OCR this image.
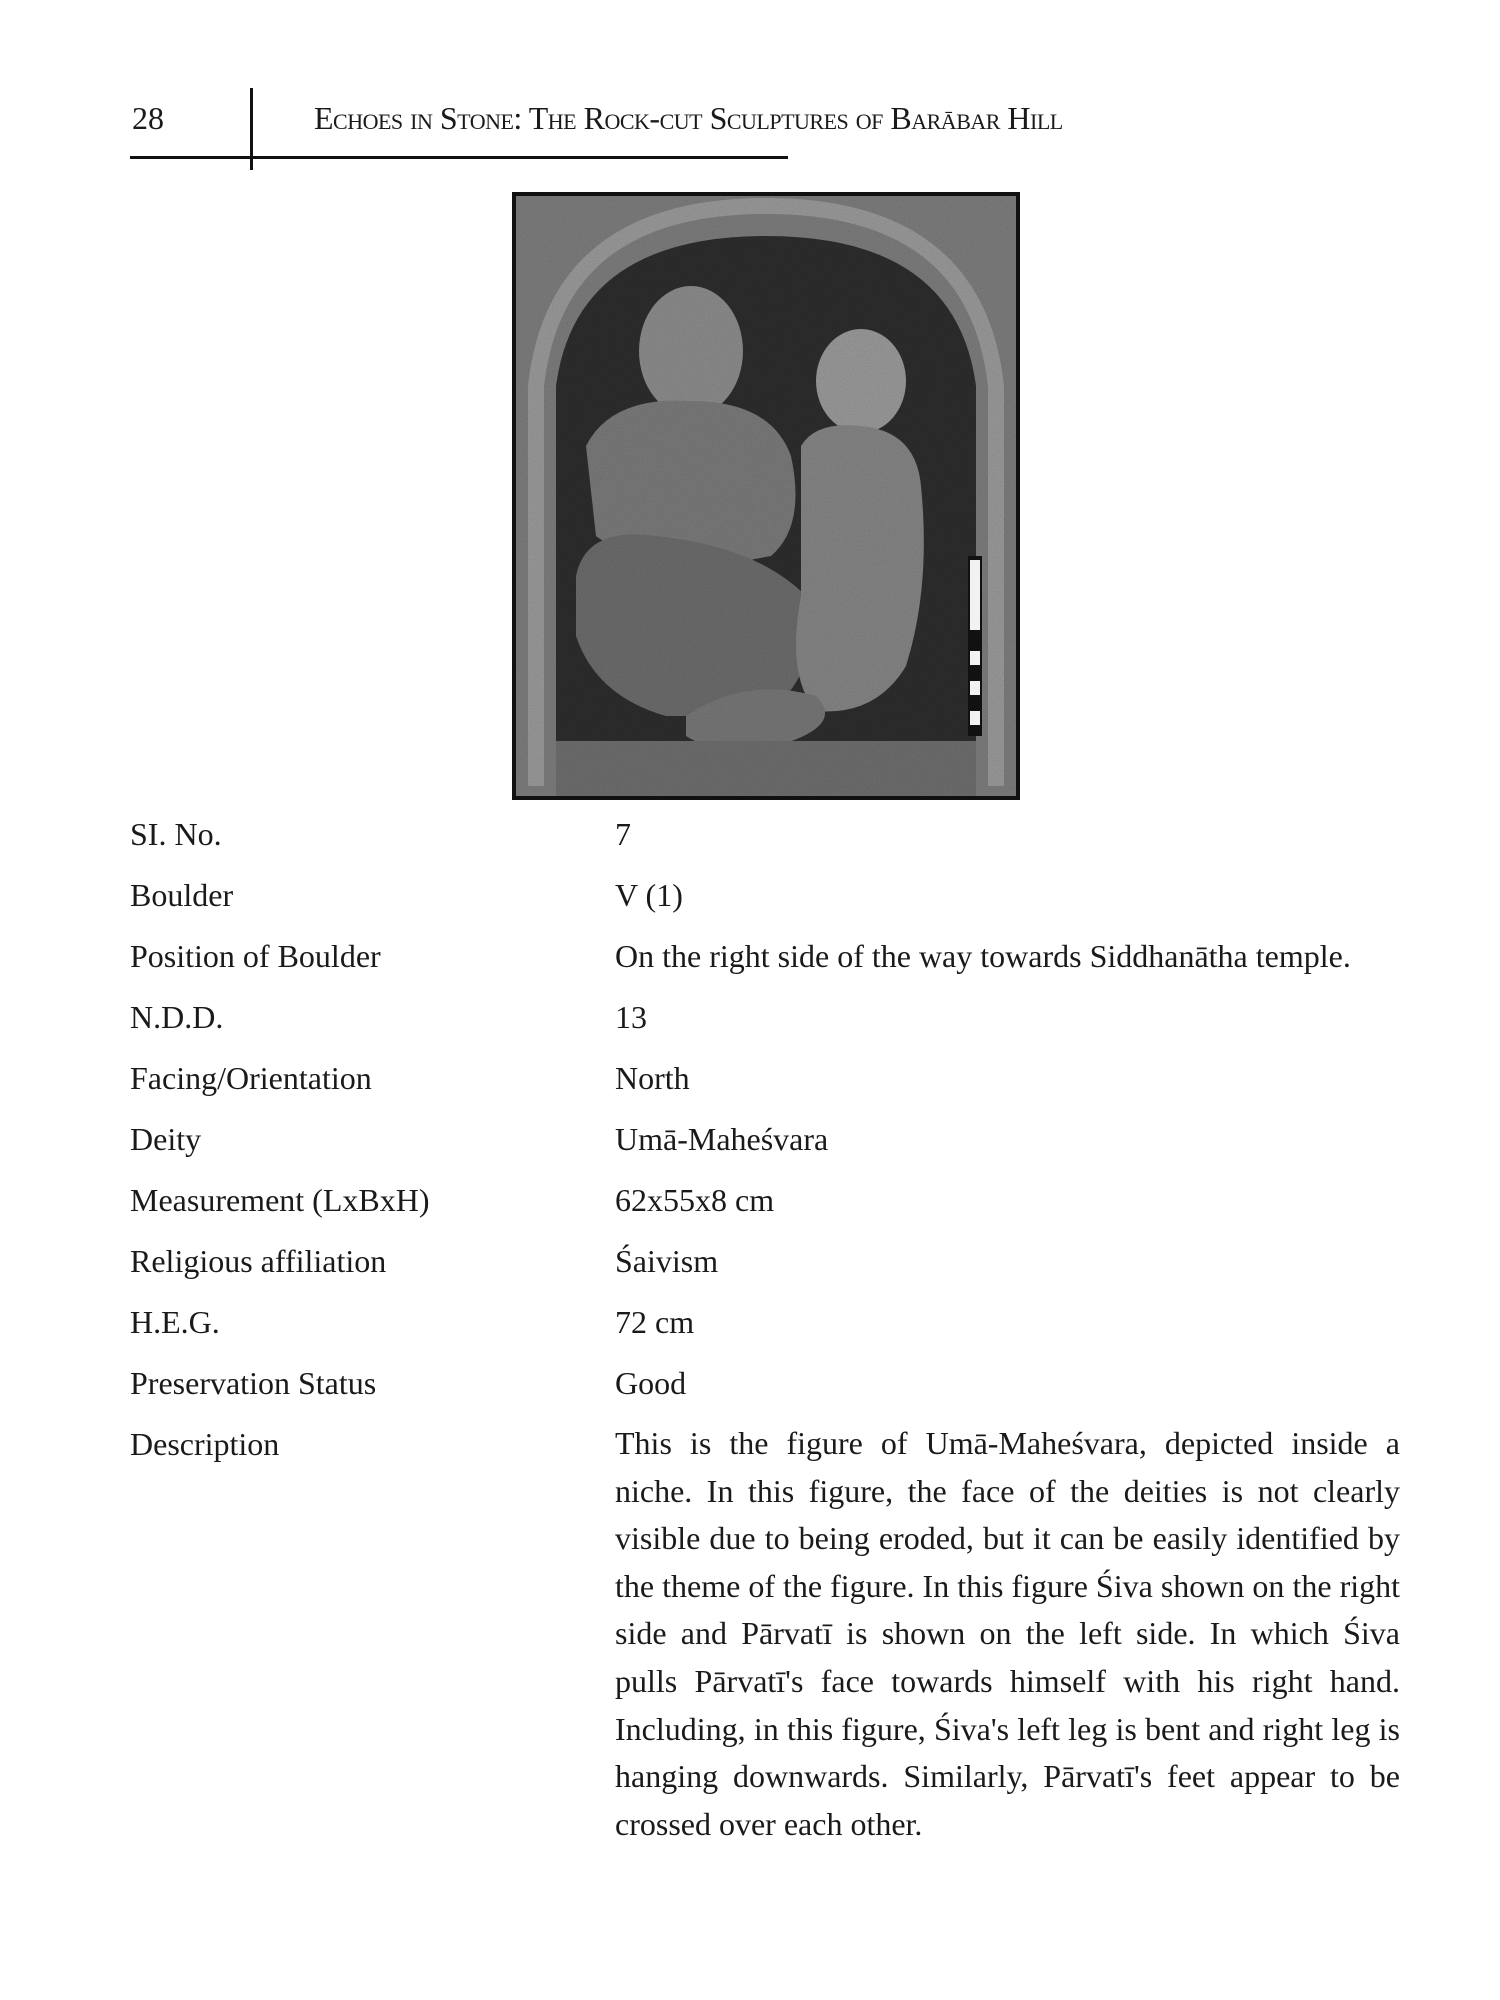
28	Echoes in Stone: The Rock-cut Sculptures of Barābar Hill
SI. No.	7
Boulder	V (1)
Position of Boulder	On the right side of the way towards Siddhanātha temple.
N.D.D.	13
Facing/Orientation	North
Deity	Umā-Maheśvara
Measurement (LxBxH)	62x55x8 cm
Religious affiliation	Śaivism
H.E.G.	72 cm
Preservation Status	Good
Description	This is the figure of Umā-Maheśvara, depicted inside a niche. In this figure, the face of the deities is not clearly visible due to being eroded, but it can be easily identified by the theme of the figure. In this figure Śiva shown on the right side and Pārvatī is shown on the left side. In which Śiva pulls Pārvatī's face towards himself with his right hand. Including, in this figure, Śiva's left leg is bent and right leg is hanging downwards. Similarly, Pārvatī's feet appear to be crossed over each other.
